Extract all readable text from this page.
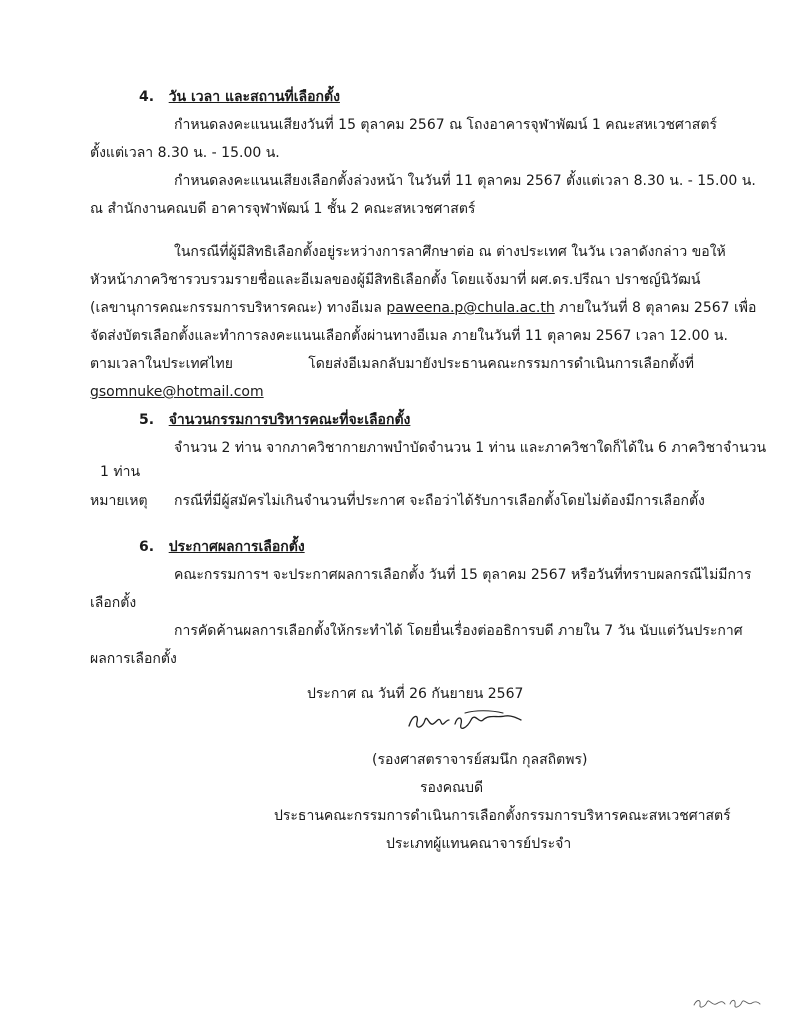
4. วัน เวลา และสถานที่เลือกตั้ง
กำหนดลงคะแนนเสียงวันที่ 15 ตุลาคม 2567 ณ โถงอาคารจุฬาพัฒน์ 1 คณะสหเวชศาสตร์
ตั้งแต่เวลา 8.30 น. - 15.00 น.
กำหนดลงคะแนนเสียงเลือกตั้งล่วงหน้า ในวันที่ 11 ตุลาคม 2567 ตั้งแต่เวลา 8.30 น. - 15.00 น.
ณ สำนักงานคณบดี อาคารจุฬาพัฒน์ 1 ชั้น 2 คณะสหเวชศาสตร์
ในกรณีที่ผู้มีสิทธิเลือกตั้งอยู่ระหว่างการลาศึกษาต่อ ณ ต่างประเทศ ในวัน เวลาดังกล่าว ขอให้
หัวหน้าภาควิชารวบรวมรายชื่อและอีเมลของผู้มีสิทธิเลือกตั้ง โดยแจ้งมาที่ ผศ.ดร.ปรีณา ปราชญ์นิวัฒน์
(เลขานุการคณะกรรมการบริหารคณะ) ทางอีเมล paweena.p@chula.ac.th ภายในวันที่ 8 ตุลาคม 2567 เพื่อ
จัดส่งบัตรเลือกตั้งและทำการลงคะแนนเลือกตั้งผ่านทางอีเมล ภายในวันที่ 11 ตุลาคม 2567 เวลา 12.00 น.
ตามเวลาในประเทศไทย โดยส่งอีเมลกลับมายังประธานคณะกรรมการดำเนินการเลือกตั้งที่
gsomnuke@hotmail.com
5. จำนวนกรรมการบริหารคณะที่จะเลือกตั้ง
จำนวน 2 ท่าน จากภาควิชากายภาพบำบัดจำนวน 1 ท่าน และภาควิชาใดก็ได้ใน 6 ภาควิชาจำนวน
1 ท่าน
หมายเหตุ กรณีที่มีผู้สมัครไม่เกินจำนวนที่ประกาศ จะถือว่าได้รับการเลือกตั้งโดยไม่ต้องมีการเลือกตั้ง
6. ประกาศผลการเลือกตั้ง
คณะกรรมการฯ จะประกาศผลการเลือกตั้ง วันที่ 15 ตุลาคม 2567 หรือวันที่ทราบผลกรณีไม่มีการ
เลือกตั้ง
การคัดค้านผลการเลือกตั้งให้กระทำได้ โดยยื่นเรื่องต่ออธิการบดี ภายใน 7 วัน นับแต่วันประกาศ
ผลการเลือกตั้ง
ประกาศ ณ วันที่ 26 กันยายน 2567
(รองศาสตราจารย์สมนึก กุลสถิตพร)
รองคณบดี
ประธานคณะกรรมการดำเนินการเลือกตั้งกรรมการบริหารคณะสหเวชศาสตร์
ประเภทผู้แทนคณาจารย์ประจำ
